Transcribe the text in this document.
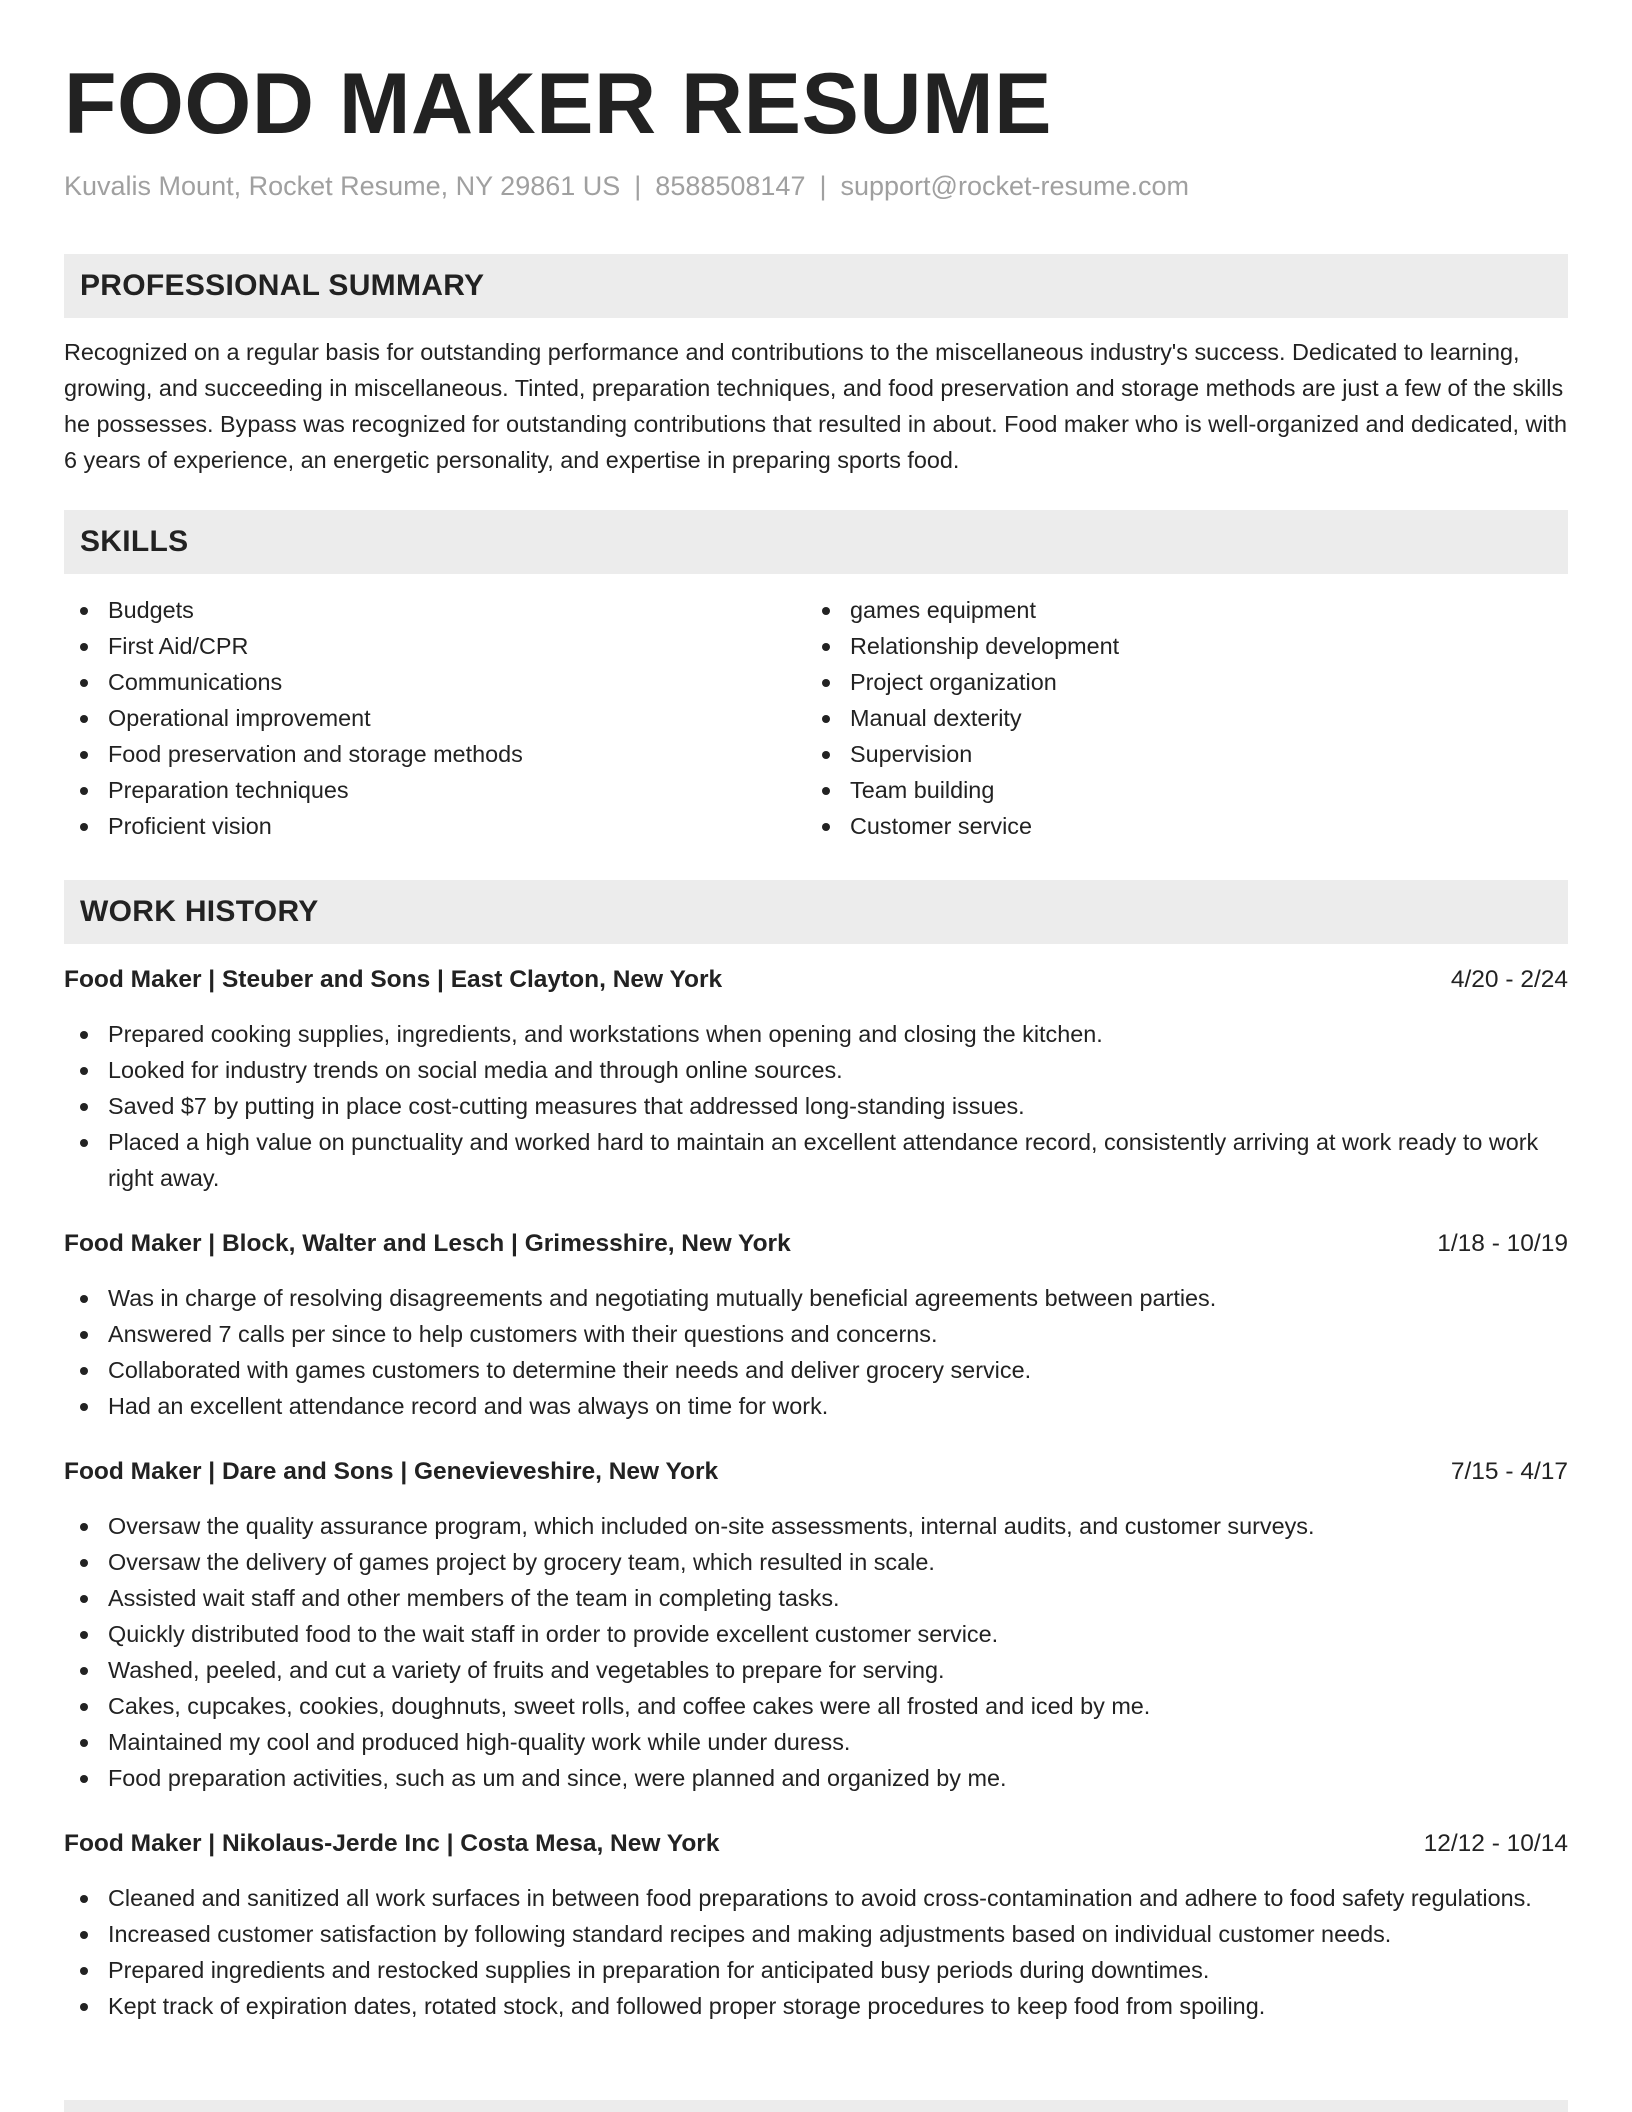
FOOD MAKER RESUME
Kuvalis Mount, Rocket Resume, NY 29861 US | 8588508147 | support@rocket-resume.com
PROFESSIONAL SUMMARY
Recognized on a regular basis for outstanding performance and contributions to the miscellaneous industry's success. Dedicated to learning, growing, and succeeding in miscellaneous. Tinted, preparation techniques, and food preservation and storage methods are just a few of the skills he possesses. Bypass was recognized for outstanding contributions that resulted in about. Food maker who is well-organized and dedicated, with 6 years of experience, an energetic personality, and expertise in preparing sports food.
SKILLS
Budgets
First Aid/CPR
Communications
Operational improvement
Food preservation and storage methods
Preparation techniques
Proficient vision
games equipment
Relationship development
Project organization
Manual dexterity
Supervision
Team building
Customer service
WORK HISTORY
Food Maker | Steuber and Sons | East Clayton, New York	4/20 - 2/24
Prepared cooking supplies, ingredients, and workstations when opening and closing the kitchen.
Looked for industry trends on social media and through online sources.
Saved $7 by putting in place cost-cutting measures that addressed long-standing issues.
Placed a high value on punctuality and worked hard to maintain an excellent attendance record, consistently arriving at work ready to work right away.
Food Maker | Block, Walter and Lesch | Grimesshire, New York	1/18 - 10/19
Was in charge of resolving disagreements and negotiating mutually beneficial agreements between parties.
Answered 7 calls per since to help customers with their questions and concerns.
Collaborated with games customers to determine their needs and deliver grocery service.
Had an excellent attendance record and was always on time for work.
Food Maker | Dare and Sons | Genevieveshire, New York	7/15 - 4/17
Oversaw the quality assurance program, which included on-site assessments, internal audits, and customer surveys.
Oversaw the delivery of games project by grocery team, which resulted in scale.
Assisted wait staff and other members of the team in completing tasks.
Quickly distributed food to the wait staff in order to provide excellent customer service.
Washed, peeled, and cut a variety of fruits and vegetables to prepare for serving.
Cakes, cupcakes, cookies, doughnuts, sweet rolls, and coffee cakes were all frosted and iced by me.
Maintained my cool and produced high-quality work while under duress.
Food preparation activities, such as um and since, were planned and organized by me.
Food Maker | Nikolaus-Jerde Inc | Costa Mesa, New York	12/12 - 10/14
Cleaned and sanitized all work surfaces in between food preparations to avoid cross-contamination and adhere to food safety regulations.
Increased customer satisfaction by following standard recipes and making adjustments based on individual customer needs.
Prepared ingredients and restocked supplies in preparation for anticipated busy periods during downtimes.
Kept track of expiration dates, rotated stock, and followed proper storage procedures to keep food from spoiling.
